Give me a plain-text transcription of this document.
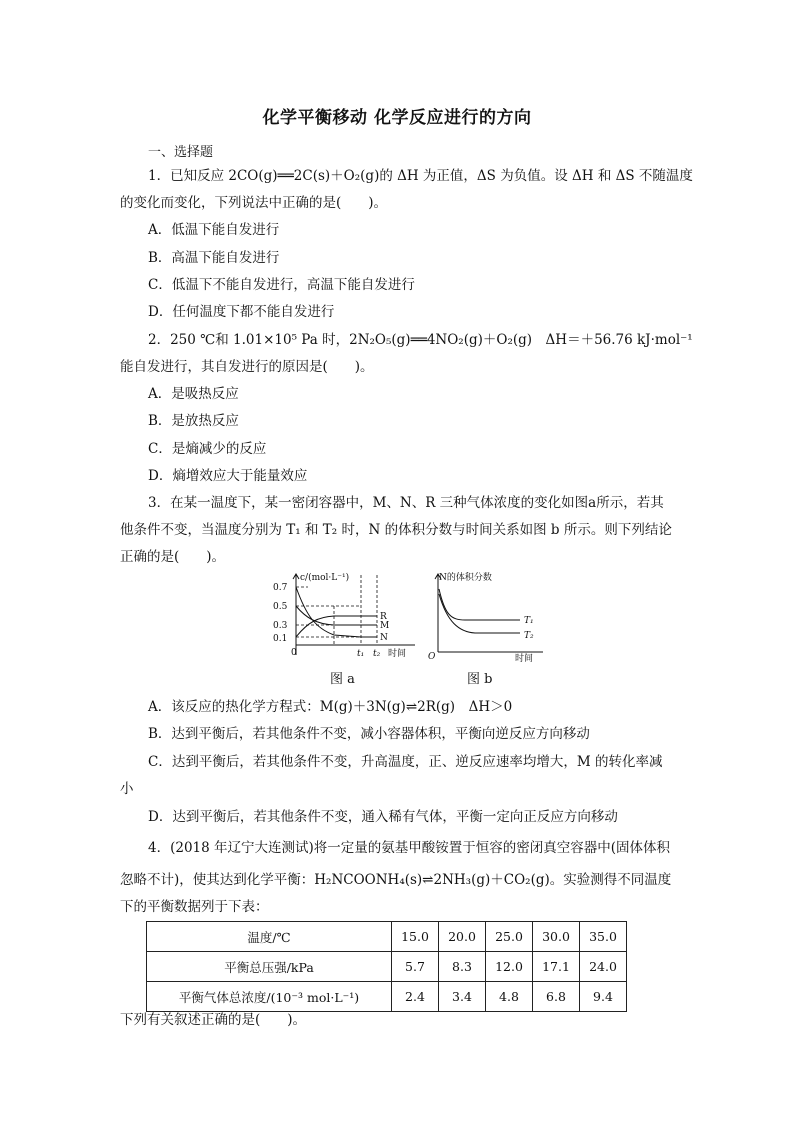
化学平衡移动 化学反应进行的方向
一、选择题
1．已知反应 2CO(g)══2C(s)＋O₂(g)的 ΔH 为正值，ΔS 为负值。设 ΔH 和 ΔS 不随温度
的变化而变化，下列说法中正确的是(　　)。
A．低温下能自发进行
B．高温下能自发进行
C．低温下不能自发进行，高温下能自发进行
D．任何温度下都不能自发进行
2．250 ℃和 1.01×10⁵ Pa 时，2N₂O₅(g)══4NO₂(g)＋O₂(g)　ΔH＝＋56.76 kJ·mol⁻¹
能自发进行，其自发进行的原因是(　　)。
A．是吸热反应
B．是放热反应
C．是熵减少的反应
D．熵增效应大于能量效应
3．在某一温度下，某一密闭容器中，M、N、R 三种气体浓度的变化如图a所示，若其
他条件不变，当温度分别为 T₁ 和 T₂ 时，N 的体积分数与时间关系如图 b 所示。则下列结论
正确的是(　　)。
c/(mol·L⁻¹)
0.7
0.5
0.3
0.1
0	t₁ t₂ 时间
R
M
N
图 a
N的体积分数
O	时间
T₁
T₂
图 b
A．该反应的热化学方程式：M(g)＋3N(g)⇌2R(g)　ΔH＞0
B．达到平衡后，若其他条件不变，减小容器体积，平衡向逆反应方向移动
C．达到平衡后，若其他条件不变，升高温度，正、逆反应速率均增大，M 的转化率减
小
D．达到平衡后，若其他条件不变，通入稀有气体，平衡一定向正反应方向移动
4．(2018 年辽宁大连测试)将一定量的氨基甲酸铵置于恒容的密闭真空容器中(固体体积
忽略不计)，使其达到化学平衡：H₂NCOONH₄(s)⇌2NH₃(g)＋CO₂(g)。实验测得不同温度
下的平衡数据列于下表：
温度/℃	15.0	20.0	25.0	30.0	35.0
平衡总压强/kPa	5.7	8.3	12.0	17.1	24.0
平衡气体总浓度/(10⁻³ mol·L⁻¹)	2.4	3.4	4.8	6.8	9.4
下列有关叙述正确的是(　　)。
